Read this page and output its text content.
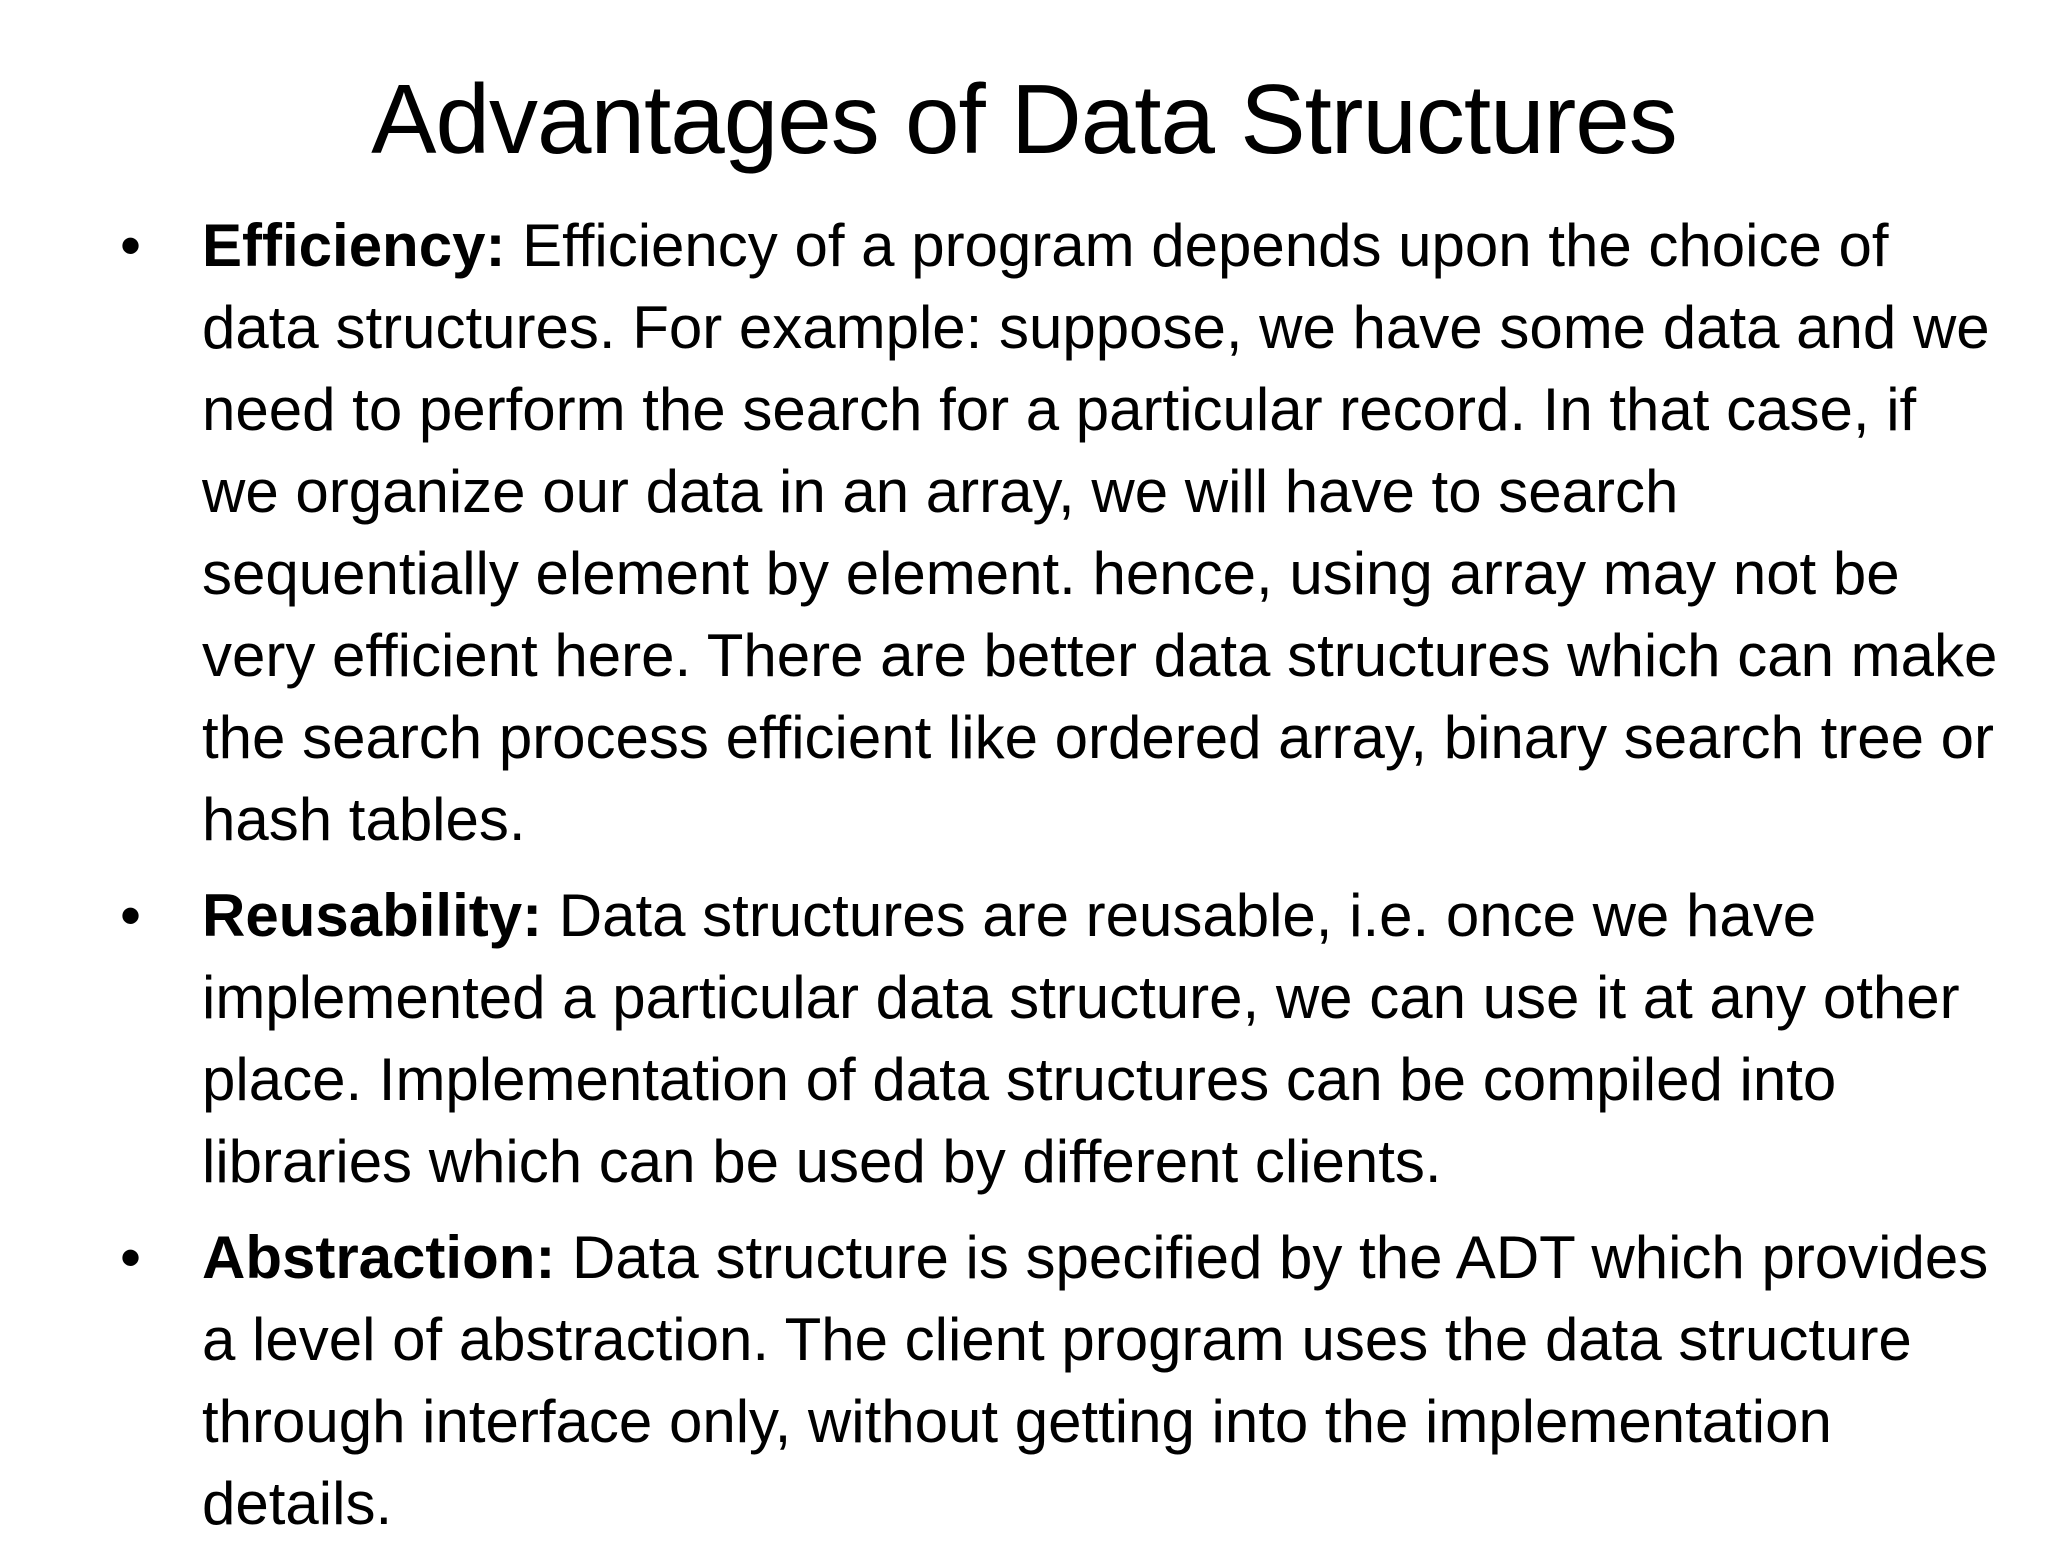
Advantages of Data Structures
•	Efficiency: Efficiency of a program depends upon the choice of data structures. For example: suppose, we have some data and we need to perform the search for a particular record. In that case, if we organize our data in an array, we will have to search sequentially element by element. hence, using array may not be very efficient here. There are better data structures which can make the search process efficient like ordered array, binary search tree or hash tables.
•	Reusability: Data structures are reusable, i.e. once we have implemented a particular data structure, we can use it at any other place. Implementation of data structures can be compiled into libraries which can be used by different clients.
•	Abstraction: Data structure is specified by the ADT which provides a level of abstraction. The client program uses the data structure through interface only, without getting into the implementation details.
